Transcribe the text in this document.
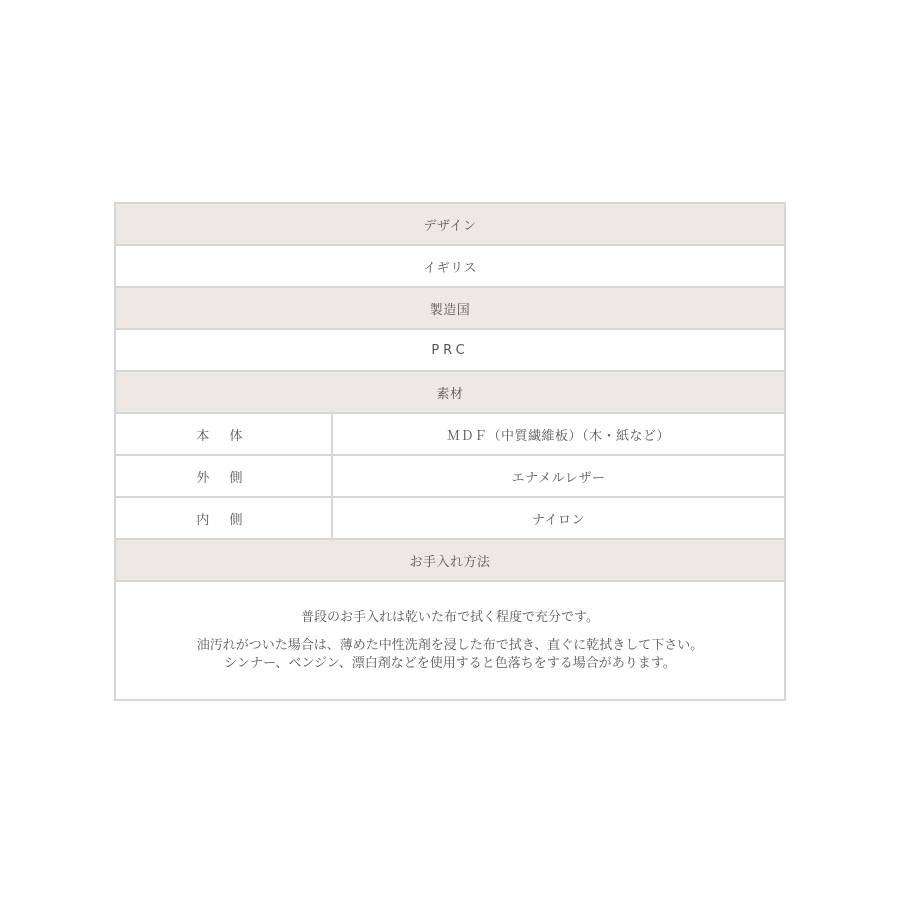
デザイン
イギリス
製造国
PRC
素材
本 体	ＭＤＦ（中質繊維板）（木・紙など）
外 側	エナメルレザー
内 側	ナイロン
お手入れ方法
普段のお手入れは乾いた布で拭く程度で充分です。
油汚れがついた場合は、薄めた中性洗剤を浸した布で拭き、直ぐに乾拭きして下さい。
シンナー、ベンジン、漂白剤などを使用すると色落ちをする場合があります。
